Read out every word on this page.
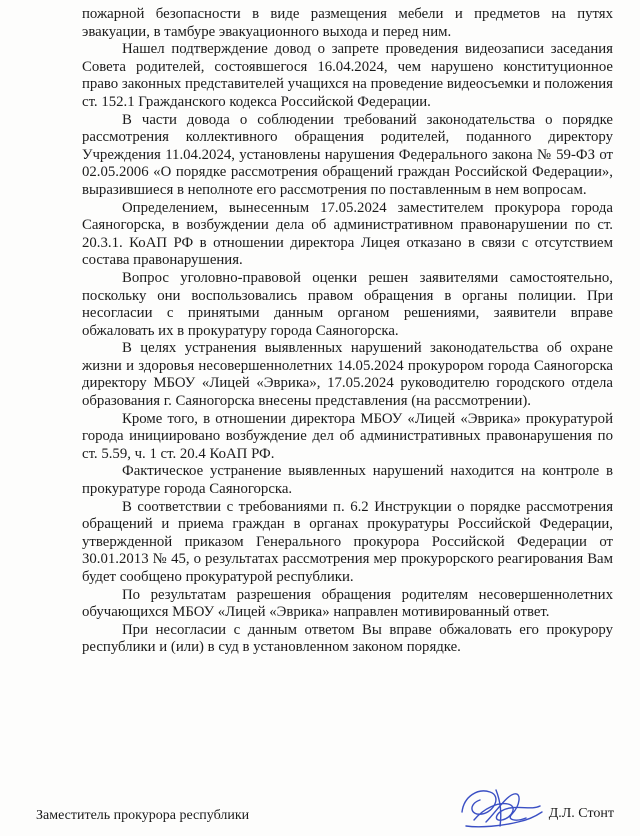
пожарной безопасности в виде размещения мебели и предметов на путях эвакуации, в тамбуре эвакуационного выхода и перед ним.

Нашел подтверждение довод о запрете проведения видеозаписи заседания Совета родителей, состоявшегося 16.04.2024, чем нарушено конституционное право законных представителей учащихся на проведение видеосъемки и положения ст. 152.1 Гражданского кодекса Российской Федерации.

В части довода о соблюдении требований законодательства о порядке рассмотрения коллективного обращения родителей, поданного директору Учреждения 11.04.2024, установлены нарушения Федерального закона № 59-ФЗ от 02.05.2006 «О порядке рассмотрения обращений граждан Российской Федерации», выразившиеся в неполноте его рассмотрения по поставленным в нем вопросам.

Определением, вынесенным 17.05.2024 заместителем прокурора города Саяногорска, в возбуждении дела об административном правонарушении по ст. 20.3.1. КоАП РФ в отношении директора Лицея отказано в связи с отсутствием состава правонарушения.

Вопрос уголовно-правовой оценки решен заявителями самостоятельно, поскольку они воспользовались правом обращения в органы полиции. При несогласии с принятыми данным органом решениями, заявители вправе обжаловать их в прокуратуру города Саяногорска.

В целях устранения выявленных нарушений законодательства об охране жизни и здоровья несовершеннолетних 14.05.2024 прокурором города Саяногорска директору МБОУ «Лицей «Эврика», 17.05.2024 руководителю городского отдела образования г. Саяногорска внесены представления (на рассмотрении).

Кроме того, в отношении директора МБОУ «Лицей «Эврика» прокуратурой города инициировано возбуждение дел об административных правонарушения по ст. 5.59, ч. 1 ст. 20.4 КоАП РФ.

Фактическое устранение выявленных нарушений находится на контроле в прокуратуре города Саяногорска.

В соответствии с требованиями п. 6.2 Инструкции о порядке рассмотрения обращений и приема граждан в органах прокуратуры Российской Федерации, утвержденной приказом Генерального прокурора Российской Федерации от 30.01.2013 № 45, о результатах рассмотрения мер прокурорского реагирования Вам будет сообщено прокуратурой республики.

По результатам разрешения обращения родителям несовершеннолетних обучающихся МБОУ «Лицей «Эврика» направлен мотивированный ответ.

При несогласии с данным ответом Вы вправе обжаловать его прокурору республики и (или) в суд в установленном законом порядке.

Заместитель прокурора республики	Д.Л. Стонт
